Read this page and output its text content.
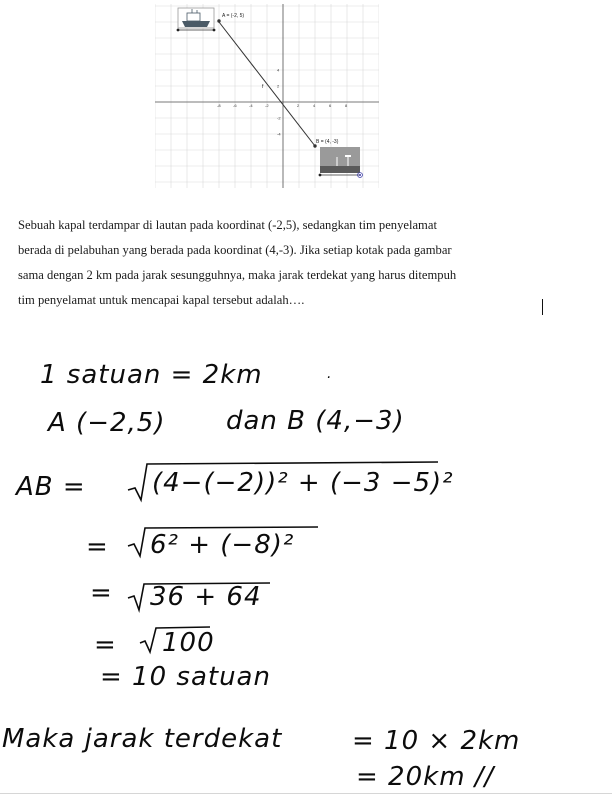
-8	-6	-4	-2	2	4	6	8
4
2
-2
-4
f
A = (-2, 5)
B = (4, -3)

Sebuah kapal terdampar di lautan pada koordinat (-2,5), sedangkan tim penyelamat

berada di pelabuhan yang berada pada koordinat (4,-3). Jika setiap kotak pada gambar

sama dengan 2 km pada jarak sesungguhnya, maka jarak terdekat yang harus ditempuh

tim penyelamat untuk mencapai kapal tersebut adalah….

1 satuan = 2km	.
A (−2,5) dan B (4,−3)
AB =	(4−(−2))² + (−3 −5)²
= 6² + (−8)²
= 36 + 64
= 100
= 10 satuan
Maka jarak terdekat	= 10 × 2km
= 20km //
